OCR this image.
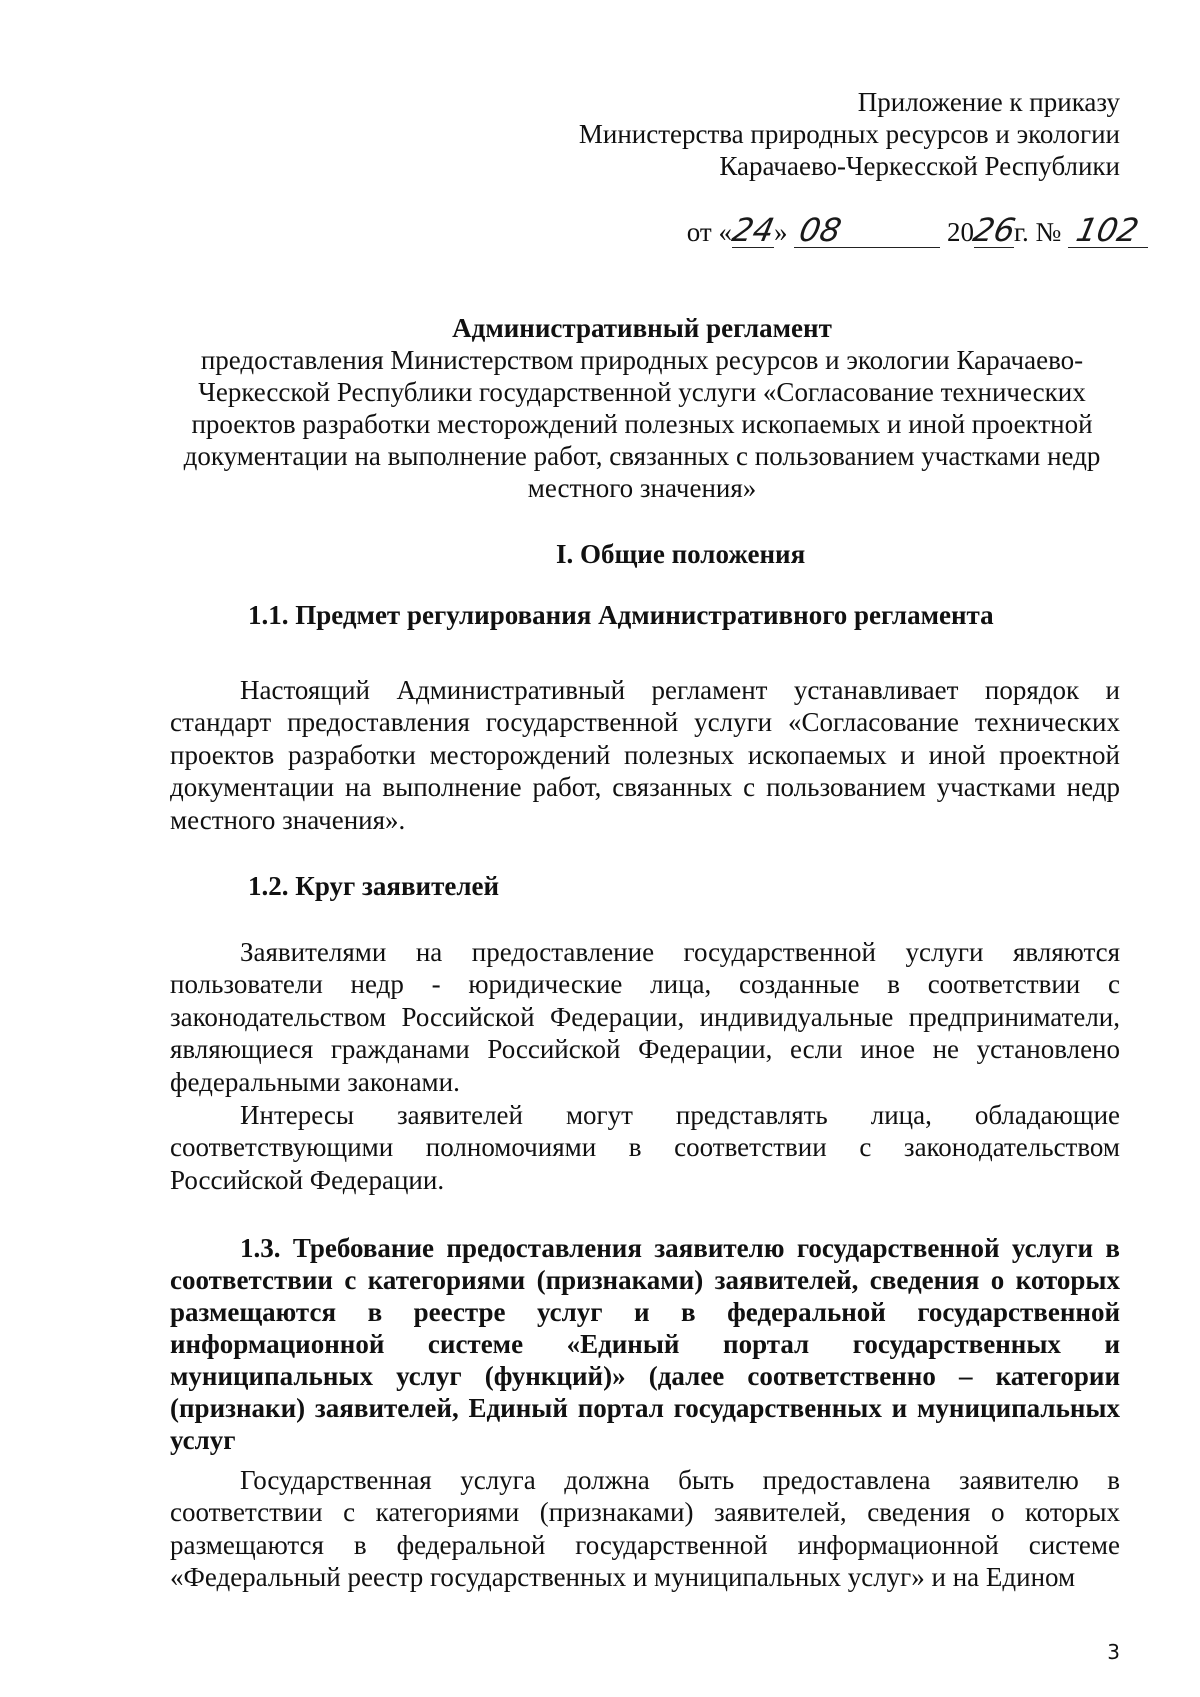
Приложение к приказу
Министерства природных ресурсов и экологии
Карачаево-Черкесской Республики
от «24» 08	2026г. № 102
Административный регламент
предоставления Министерством природных ресурсов и экологии Карачаево-Черкесской Республики государственной услуги «Согласование технических проектов разработки месторождений полезных ископаемых и иной проектной документации на выполнение работ, связанных с пользованием участками недр местного значения»
I. Общие положения
1.1. Предмет регулирования Административного регламента
Настоящий Административный регламент устанавливает порядок и стандарт предоставления государственной услуги «Согласование технических проектов разработки месторождений полезных ископаемых и иной проектной документации на выполнение работ, связанных с пользованием участками недр местного значения».
1.2. Круг заявителей
Заявителями на предоставление государственной услуги являются пользователи недр - юридические лица, созданные в соответствии с законодательством Российской Федерации, индивидуальные предприниматели, являющиеся гражданами Российской Федерации, если иное не установлено федеральными законами.
Интересы заявителей могут представлять лица, обладающие соответствующими полномочиями в соответствии с законодательством Российской Федерации.
1.3. Требование предоставления заявителю государственной услуги в соответствии с категориями (признаками) заявителей, сведения о которых размещаются в реестре услуг и в федеральной государственной информационной системе «Единый портал государственных и муниципальных услуг (функций)» (далее соответственно – категории (признаки) заявителей, Единый портал государственных и муниципальных услуг
Государственная услуга должна быть предоставлена заявителю в соответствии с категориями (признаками) заявителей, сведения о которых размещаются в федеральной государственной информационной системе «Федеральный реестр государственных и муниципальных услуг» и на Едином
3
